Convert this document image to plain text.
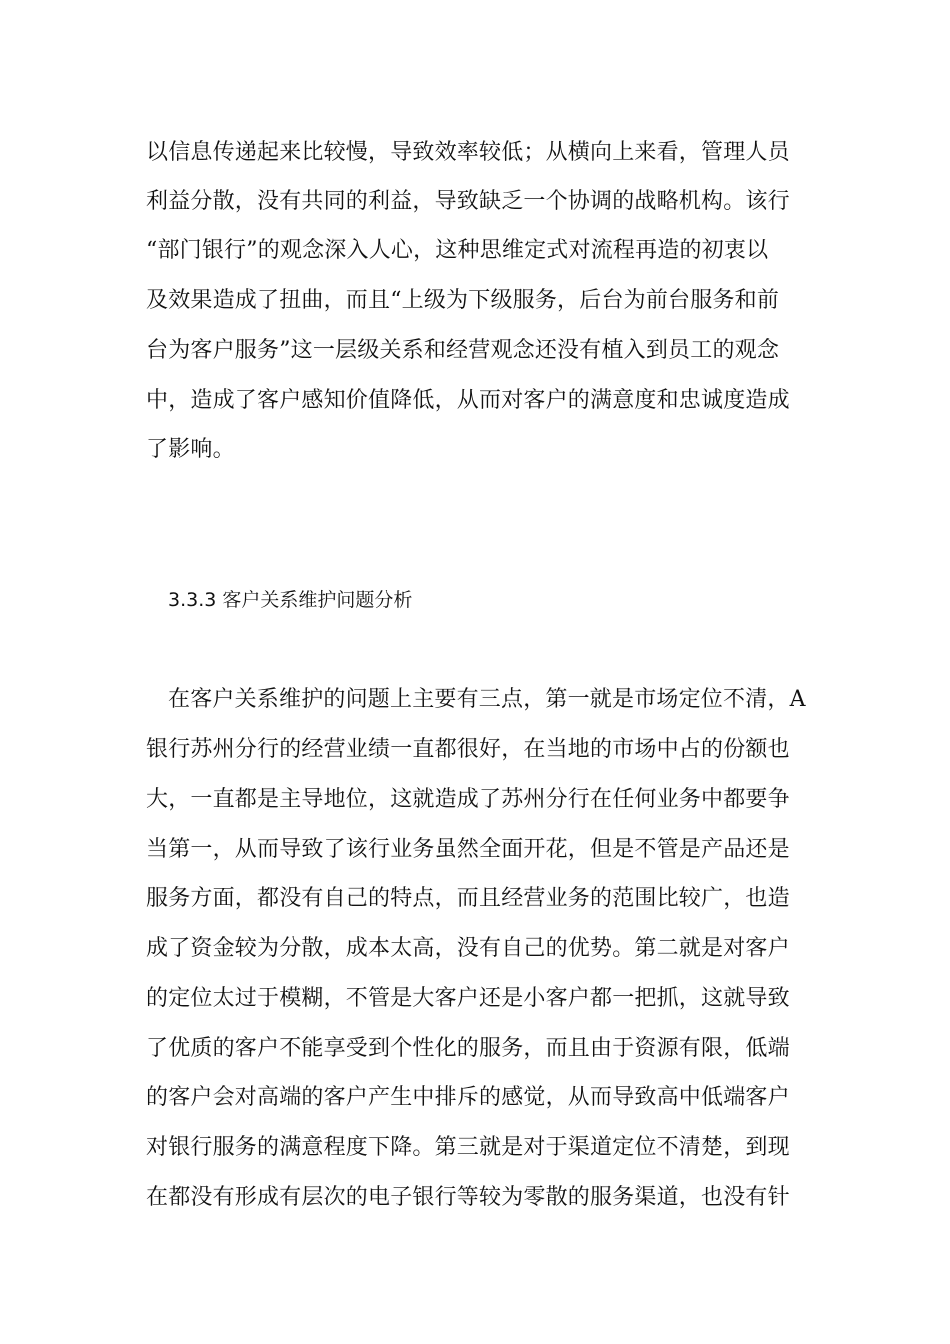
以信息传递起来比较慢，导致效率较低；从横向上来看，管理人员
利益分散，没有共同的利益，导致缺乏一个协调的战略机构。该行
“部门银行”的观念深入人心，这种思维定式对流程再造的初衷以
及效果造成了扭曲，而且“上级为下级服务，后台为前台服务和前
台为客户服务”这一层级关系和经营观念还没有植入到员工的观念
中，造成了客户感知价值降低，从而对客户的满意度和忠诚度造成
了影响。
3.3.3 客户关系维护问题分析
在客户关系维护的问题上主要有三点，第一就是市场定位不清，A
银行苏州分行的经营业绩一直都很好，在当地的市场中占的份额也
大，一直都是主导地位，这就造成了苏州分行在任何业务中都要争
当第一，从而导致了该行业务虽然全面开花，但是不管是产品还是
服务方面，都没有自己的特点，而且经营业务的范围比较广，也造
成了资金较为分散，成本太高，没有自己的优势。第二就是对客户
的定位太过于模糊，不管是大客户还是小客户都一把抓，这就导致
了优质的客户不能享受到个性化的服务，而且由于资源有限，低端
的客户会对高端的客户产生中排斥的感觉，从而导致高中低端客户
对银行服务的满意程度下降。第三就是对于渠道定位不清楚，到现
在都没有形成有层次的电子银行等较为零散的服务渠道，也没有针
